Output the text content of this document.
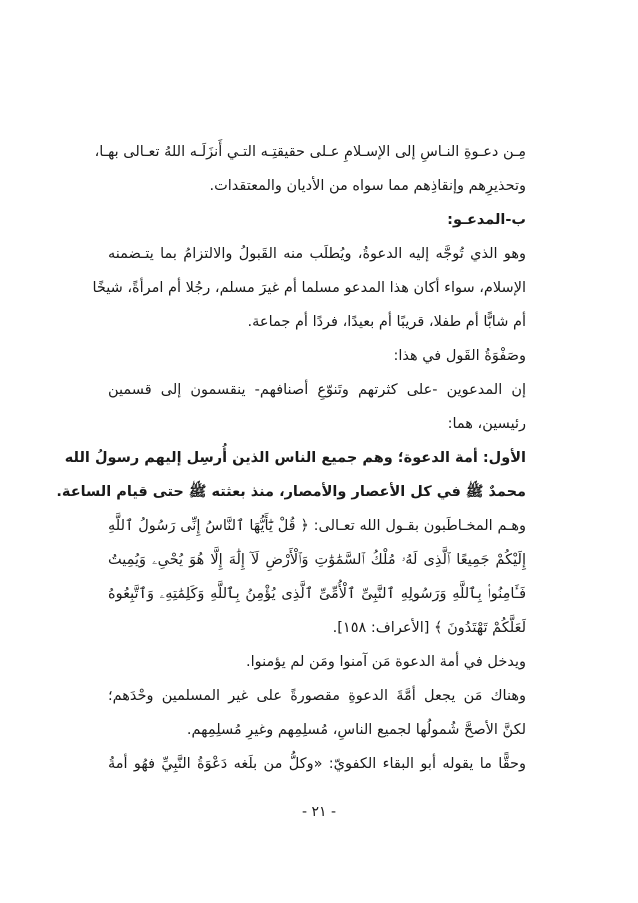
مِـن دعـوةِ النـاسِ إلى الإسـلامِ عـلى حقيقتِـه التـي أَنزَلَـه اللهُ تعـالى بهـا،
وتحذيرِهم وإنقاذِهم مما سواه من الأديان والمعتقدات.
ب-المدعـو:
وهو الذي تُوجَّه إليه الدعوةُ، ويُطلَب منه القَبولُ والالتزامُ بما يتـضمنه
الإسلام، سواء أكان هذا المدعو مسلما أم غيرَ مسلم، رجُلا أم امرأةً، شيخًا
أم شابًّا أم طفلا، قريبًا أم بعيدًا، فردًا أم جماعة.
وصَفْوَةُ القَول في هذا:
إن المدعوين -على كثرتهم وتَنوّعِ أصنافهم- ينقسمون إلى قسمين
رئيسين، هما:
الأول: أمة الدعوة؛ وهم جميع الناس الذين أُرسِل إليهم رسولُ الله
محمدٌ ﷺ في كل الأعصار والأمصار، منذ بعثته ﷺ حتى قيام الساعة.
وهـم المخـاطَبون بقـول الله تعـالى: ﴿ قُلْ يَٰٓأَيُّهَا ٱلنَّاسُ إِنِّى رَسُولُ ٱللَّهِ
إِلَيْكُمْ جَمِيعًا ٱلَّذِى لَهُۥ مُلْكُ ٱلسَّمَٰوَٰتِ وَٱلْأَرْضِ لَآ إِلَٰهَ إِلَّا هُوَ يُحْىِۦ وَيُمِيتُ
فَـَٔامِنُوا۟ بِٱللَّهِ وَرَسُولِهِ ٱلنَّبِىِّ ٱلْأُمِّىِّ ٱلَّذِى يُؤْمِنُ بِٱللَّهِ وَكَلِمَٰتِهِۦ وَٱتَّبِعُوهُ
لَعَلَّكُمْ تَهْتَدُونَ ﴾ [الأعراف: ١٥٨].
ويدخل في أمة الدعوة مَن آمنوا ومَن لم يؤمنوا.
وهناك مَن يجعل أمَّةَ الدعوةِ مقصورةً على غير المسلمين وحْدَهم؛
لكنَّ الأصحَّ شُمولُها لجميع الناسِ، مُسلِمِهم وغيرِ مُسلِمِهم.
وحقًّا ما يقوله أبو البقاء الكفويّ: «وكلُّ من بلَغه دَعْوَةُ النَّبِيِّ فهُو أمةُ
- ٢١ -
